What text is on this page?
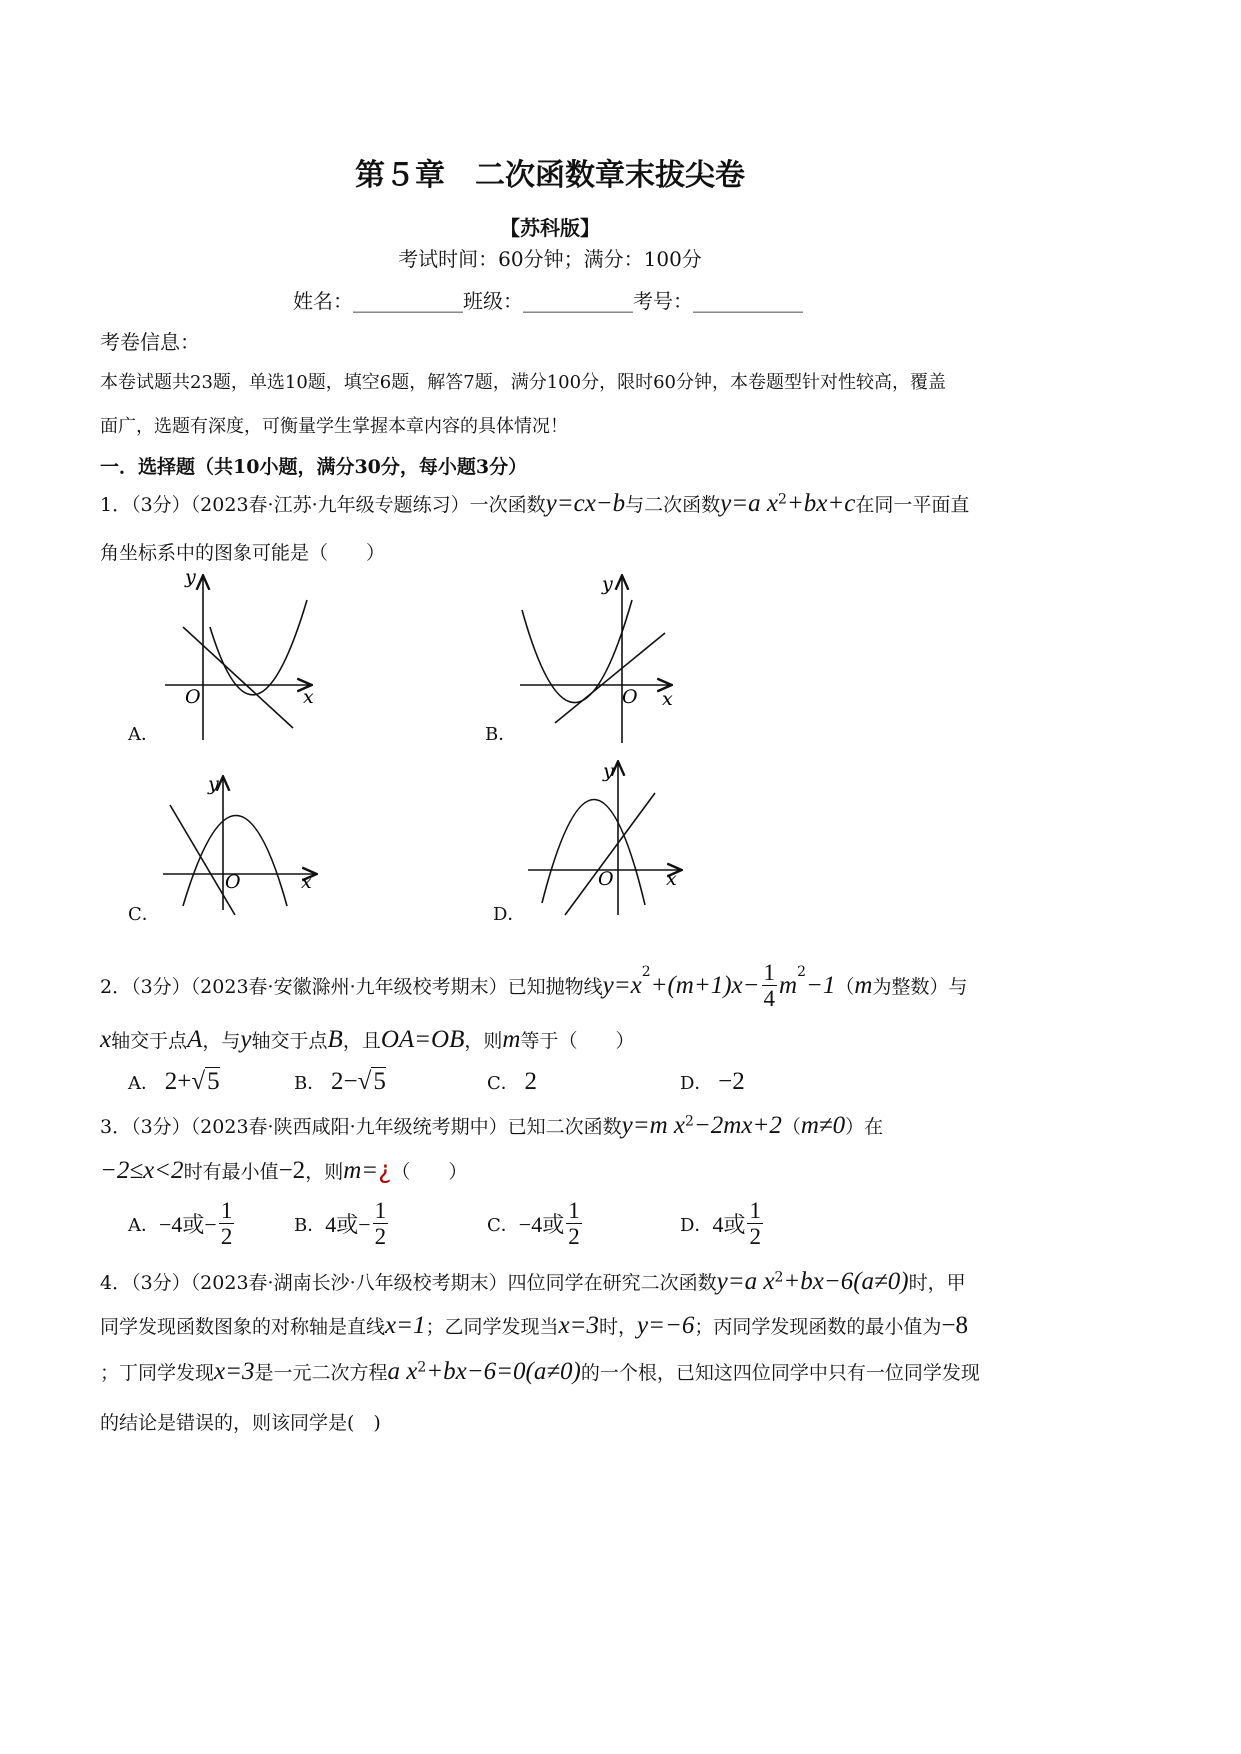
第５章　二次函数章末拔尖卷
【苏科版】
考试时间：60分钟；满分：100分
姓名：___________班级：___________考号：___________
考卷信息：
本卷试题共23题，单选10题，填空6题，解答7题，满分100分，限时60分钟，本卷题型针对性较高，覆盖
面广，选题有深度，可衡量学生掌握本章内容的具体情况！
一．选择题（共10小题，满分30分，每小题3分）
1．（3分）（2023春·江苏·九年级专题练习）一次函数y=cx−b与二次函数y=a $x^2+bx+c$在同一平面直
角坐标系中的图象可能是（　　）
A．
y
x
O
B．
y
x
O
C．
y
x
O
D．
y
x
O
2．（3分）（2023春·安徽滁州·九年级校考期末）已知抛物线 y=x $2 +(m+1)x- \frac{1}{4}$ m 2 −1 （ m 为整数）与
x轴交于点A，与y轴交于点B，且OA=OB，则m等于（　　）
A． 2+√5	B． 2−√5	C． 2	D． −2
3．（3分）（2023春·陕西咸阳·九年级统考期中）已知二次函数y=m $x^2-2mx+2(m\ne 0)$在
−2≤x<2时有最小值−2，则m=¿（　　）
A． −4或− $\frac{1}{2}$	B． 4或− $\frac{1}{2}$	C． −4或 $\frac{1}{2}$	D． 4或 $\frac{1}{2}$
4．（3分）（2023春·湖南长沙·八年级校考期末）四位同学在研究二次函数y=a $x^2+bx-6(a\ne 0)$时，甲
同学发现函数图象的对称轴是直线x=1；乙同学发现当x=3时，y=−6；丙同学发现函数的最小值为−8
；丁同学发现x=3是一元二次方程a $x^2+bx-6=0(a\ne 0)$的一个根，已知这四位同学中只有一位同学发现
的结论是错误的，则该同学是(　)
